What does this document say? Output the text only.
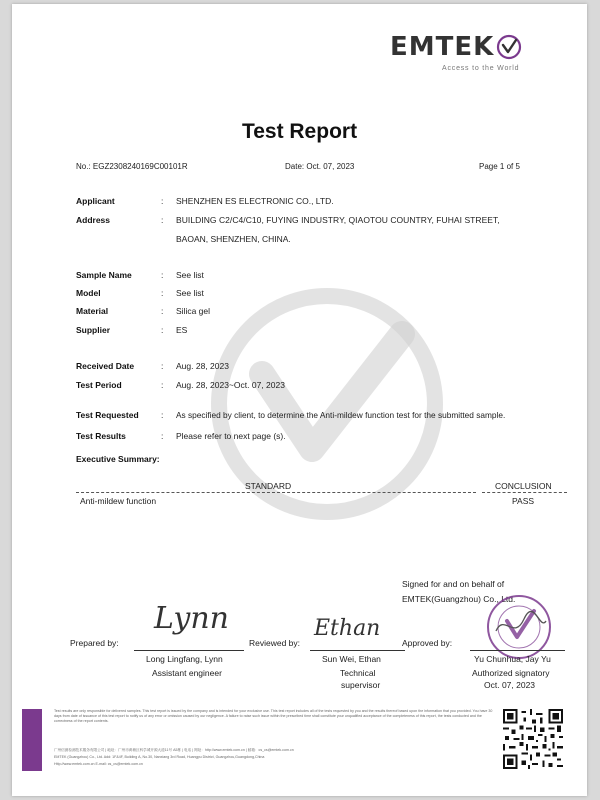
EMTEK
Access to the World
Test Report
No.: EGZ2308240169C00101R	Date: Oct. 07, 2023	Page 1 of 5
Applicant	: SHENZHEN ES ELECTRONIC CO., LTD.
Address	: BUILDING C2/C4/C10, FUYING INDUSTRY, QIAOTOU COUNTRY, FUHAI STREET,
BAOAN, SHENZHEN, CHINA.
Sample Name	: See list
Model	: See list
Material	: Silica gel
Supplier	: ES
Received Date	: Aug. 28, 2023
Test Period	: Aug. 28, 2023~Oct. 07, 2023
Test Requested	: As specified by client, to determine the Anti-mildew function test for the submitted sample.
Test Results	: Please refer to next page (s).
Executive Summary:
STANDARD	CONCLUSION
Anti-mildew function	PASS
Signed for and on behalf of
EMTEK(Guangzhou) Co., Ltd.
Prepared by:
Lynn
Long Lingfang, Lynn
Assistant engineer
Reviewed by:
Ethan
Sun Wei, Ethan
Technical
supervisor
Approved by:
Yu Chunhua, Jay Yu
Authorized signatory
Oct. 07, 2023
Test results are only responsible for delivered samples. This test report is issued by the company and is intended for your exclusive use. This test report includes all of the tests requested by you and the results thereof based upon the information that you provided. You have 30 days from date of issuance of this test report to notify us of any error or omission caused by our negligence. A failure to raise such issue within the prescribed time shall constitute your unqualified acceptance of the completeness of this report, the tests conducted and the correctness of the report contents.
广州信测检测技术服务有限公司 | 地址：广州市黄埔区科学城开源大道11号 A5栋 | 电话 | 网址：http://www.emtek.com.cn | 邮箱：cs_cs@emtek.com.cn
EMTEK (Guangzhou) Co., Ltd. Add: 1F&4F, Building A, No.30, Nanxiang 3rd Road, Huangpu District, Guangzhou,Guangdong,China
Http://www.emtek.com.cn E-mail: cs_cs@emtek.com.cn
